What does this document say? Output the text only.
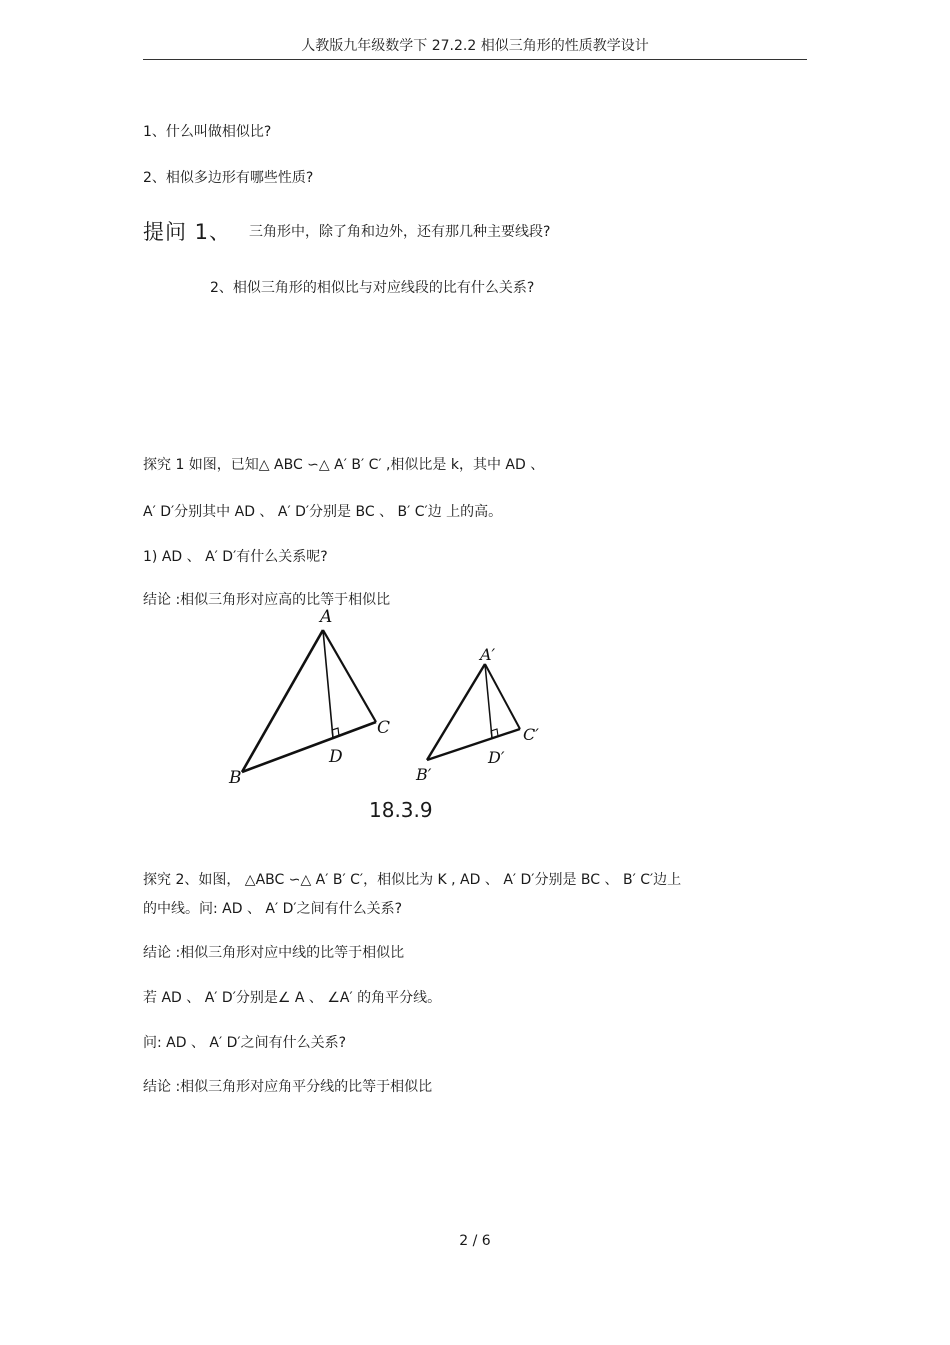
人教版九年级数学下 27.2.2 相似三角形的性质教学设计
1、什么叫做相似比?
2、相似多边形有哪些性质?
提问 1、 三角形中，除了角和边外，还有那几种主要线段?
2、相似三角形的相似比与对应线段的比有什么关系?
探究 1 如图，已知△ ABC ∽△ A′ B′ C′ ,相似比是 k，其中 AD 、
A′ D′分别其中 AD 、 A′ D′分别是 BC 、 B′ C′边 上的高。
1) AD 、 A′ D′有什么关系呢?
结论 :相似三角形对应高的比等于相似比
A
B
C
D
A′
B′
C′
D′
18.3.9
探究 2、如图， △ABC ∽△ A′ B′ C′，相似比为 K , AD 、 A′ D′分别是 BC 、 B′ C′边上
的中线。问: AD 、 A′ D′之间有什么关系?
结论 :相似三角形对应中线的比等于相似比
若 AD 、 A′ D′分别是∠ A 、 ∠A′ 的角平分线。
问: AD 、 A′ D′之间有什么关系?
结论 :相似三角形对应角平分线的比等于相似比
2 / 6
